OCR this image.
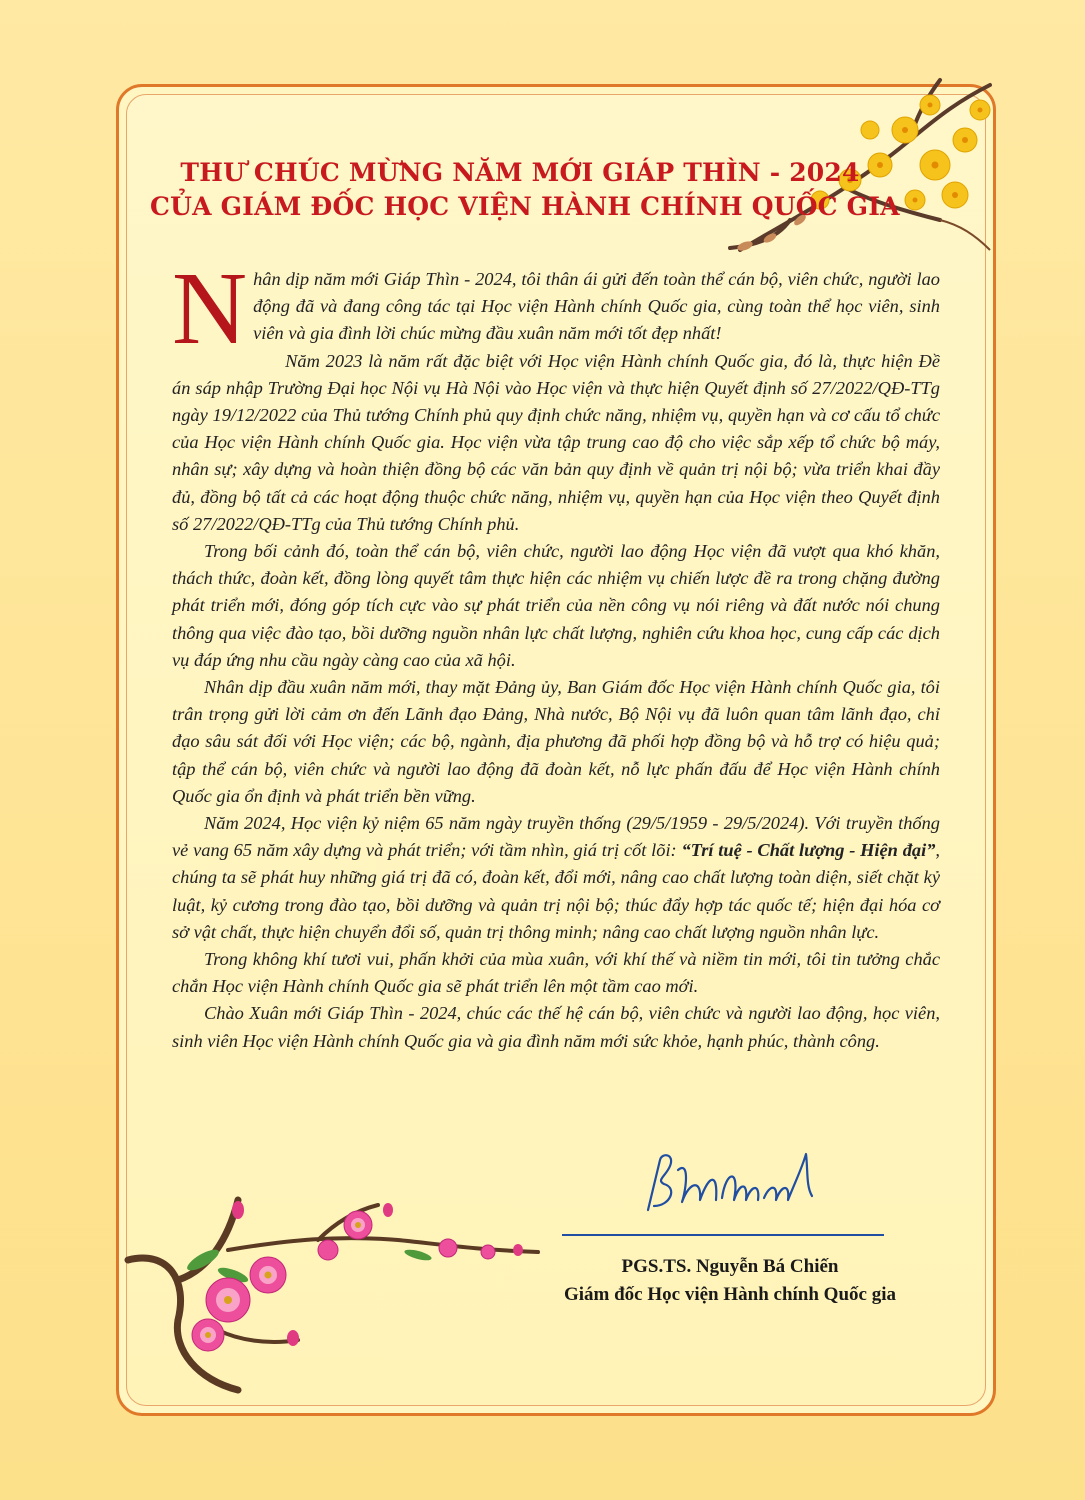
THƯ CHÚC MỪNG NĂM MỚI GIÁP THÌN - 2024
CỦA GIÁM ĐỐC HỌC VIỆN HÀNH CHÍNH QUỐC GIA

Nhân dịp năm mới Giáp Thìn - 2024, tôi thân ái gửi đến toàn thể cán bộ, viên chức, người lao động đã và đang công tác tại Học viện Hành chính Quốc gia, cùng toàn thể học viên, sinh viên và gia đình lời chúc mừng đầu xuân năm mới tốt đẹp nhất!

Năm 2023 là năm rất đặc biệt với Học viện Hành chính Quốc gia, đó là, thực hiện Đề án sáp nhập Trường Đại học Nội vụ Hà Nội vào Học viện và thực hiện Quyết định số 27/2022/QĐ-TTg ngày 19/12/2022 của Thủ tướng Chính phủ quy định chức năng, nhiệm vụ, quyền hạn và cơ cấu tổ chức của Học viện Hành chính Quốc gia. Học viện vừa tập trung cao độ cho việc sắp xếp tổ chức bộ máy, nhân sự; xây dựng và hoàn thiện đồng bộ các văn bản quy định về quản trị nội bộ; vừa triển khai đầy đủ, đồng bộ tất cả các hoạt động thuộc chức năng, nhiệm vụ, quyền hạn của Học viện theo Quyết định số 27/2022/QĐ-TTg của Thủ tướng Chính phủ.

Trong bối cảnh đó, toàn thể cán bộ, viên chức, người lao động Học viện đã vượt qua khó khăn, thách thức, đoàn kết, đồng lòng quyết tâm thực hiện các nhiệm vụ chiến lược đề ra trong chặng đường phát triển mới, đóng góp tích cực vào sự phát triển của nền công vụ nói riêng và đất nước nói chung thông qua việc đào tạo, bồi dưỡng nguồn nhân lực chất lượng, nghiên cứu khoa học, cung cấp các dịch vụ đáp ứng nhu cầu ngày càng cao của xã hội.

Nhân dịp đầu xuân năm mới, thay mặt Đảng ủy, Ban Giám đốc Học viện Hành chính Quốc gia, tôi trân trọng gửi lời cảm ơn đến Lãnh đạo Đảng, Nhà nước, Bộ Nội vụ đã luôn quan tâm lãnh đạo, chỉ đạo sâu sát đối với Học viện; các bộ, ngành, địa phương đã phối hợp đồng bộ và hỗ trợ có hiệu quả; tập thể cán bộ, viên chức và người lao động đã đoàn kết, nỗ lực phấn đấu để Học viện Hành chính Quốc gia ổn định và phát triển bền vững.

Năm 2024, Học viện kỷ niệm 65 năm ngày truyền thống (29/5/1959 - 29/5/2024). Với truyền thống vẻ vang 65 năm xây dựng và phát triển; với tầm nhìn, giá trị cốt lõi: “Trí tuệ - Chất lượng - Hiện đại”, chúng ta sẽ phát huy những giá trị đã có, đoàn kết, đổi mới, nâng cao chất lượng toàn diện, siết chặt kỷ luật, kỷ cương trong đào tạo, bồi dưỡng và quản trị nội bộ; thúc đẩy hợp tác quốc tế; hiện đại hóa cơ sở vật chất, thực hiện chuyển đổi số, quản trị thông minh; nâng cao chất lượng nguồn nhân lực.

Trong không khí tươi vui, phấn khởi của mùa xuân, với khí thế và niềm tin mới, tôi tin tưởng chắc chắn Học viện Hành chính Quốc gia sẽ phát triển lên một tầm cao mới.

Chào Xuân mới Giáp Thìn - 2024, chúc các thế hệ cán bộ, viên chức và người lao động, học viên, sinh viên Học viện Hành chính Quốc gia và gia đình năm mới sức khỏe, hạnh phúc, thành công.

PGS.TS. Nguyễn Bá Chiến
Giám đốc Học viện Hành chính Quốc gia
